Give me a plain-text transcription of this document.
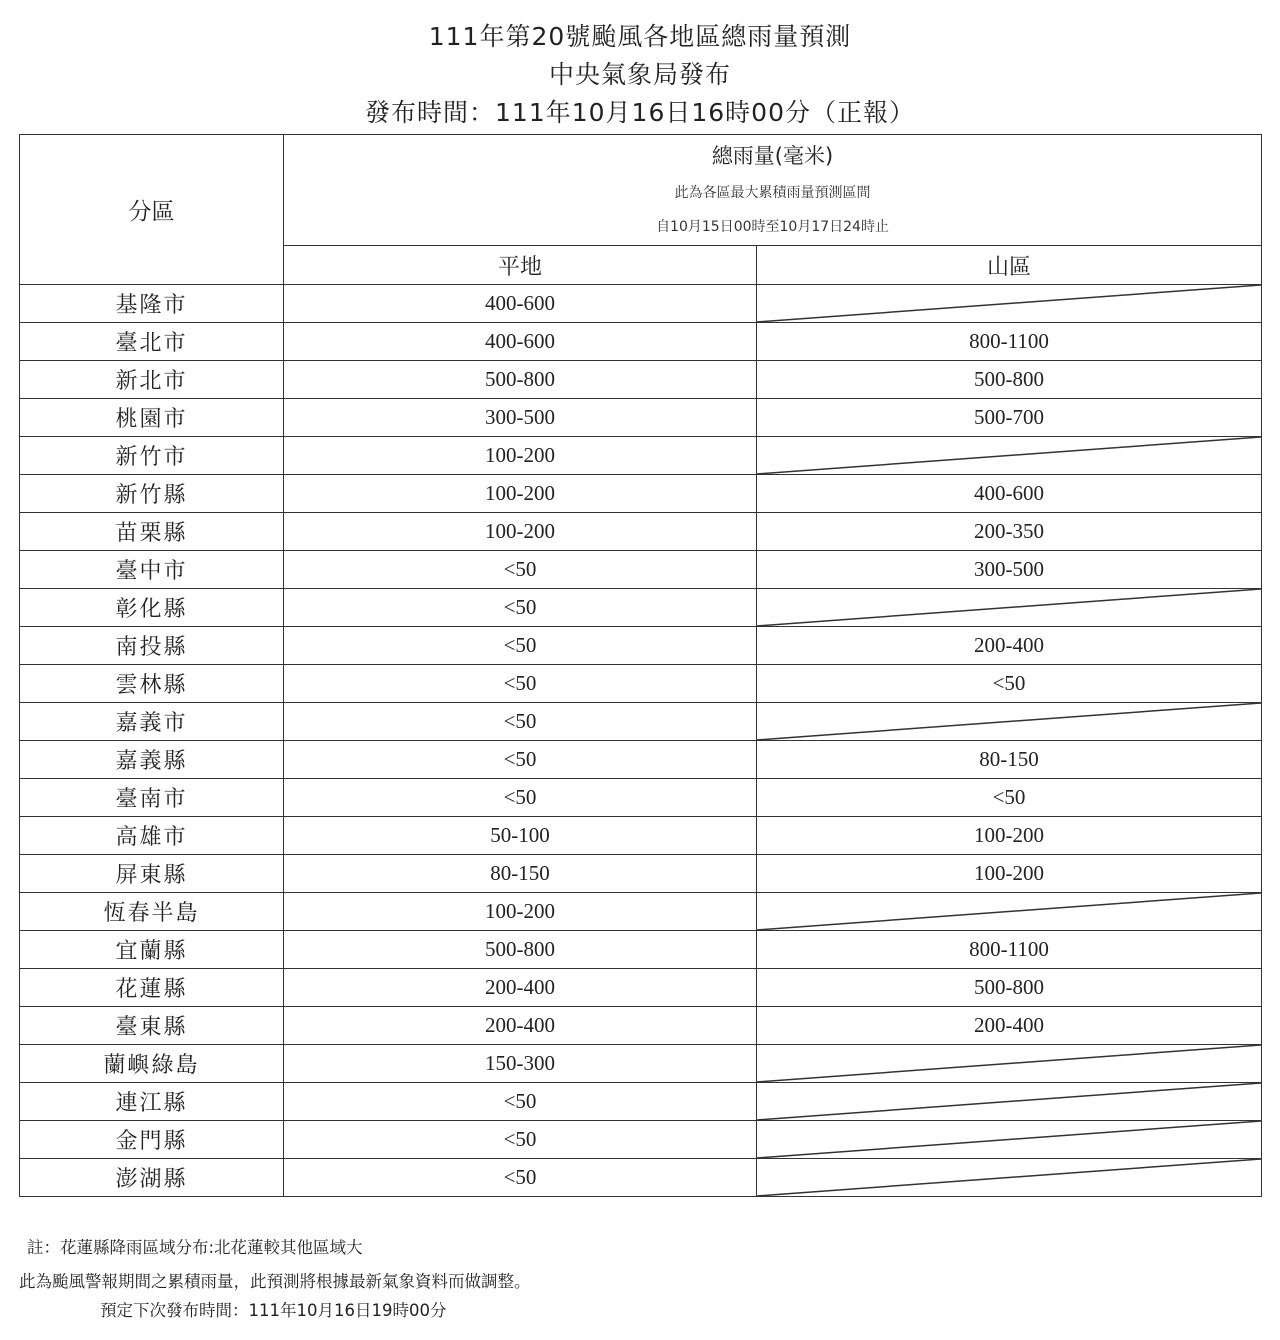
111年第20號颱風各地區總雨量預測
中央氣象局發布
發布時間：111年10月16日16時00分（正報）
分區	總雨量(毫米)
此為各區最大累積雨量預測區間
自10月15日00時至10月17日24時止	

	平地	山區
基隆市	400-600	

臺北市	400-600	800-1100
新北市	500-800	500-800
桃園市	300-500	500-700
新竹市	100-200	

新竹縣	100-200	400-600
苗栗縣	100-200	200-350
臺中市	<50	300-500
彰化縣	<50	

南投縣	<50	200-400
雲林縣	<50	<50
嘉義市	<50	

嘉義縣	<50	80-150
臺南市	<50	<50
高雄市	50-100	100-200
屏東縣	80-150	100-200
恆春半島	100-200	

宜蘭縣	500-800	800-1100
花蓮縣	200-400	500-800
臺東縣	200-400	200-400
蘭嶼綠島	150-300	

連江縣	<50	

金門縣	<50	

澎湖縣	<50	
註：花蓮縣降雨區域分布:北花蓮較其他區域大
此為颱風警報期間之累積雨量，此預測將根據最新氣象資料而做調整。
預定下次發布時間：111年10月16日19時00分
